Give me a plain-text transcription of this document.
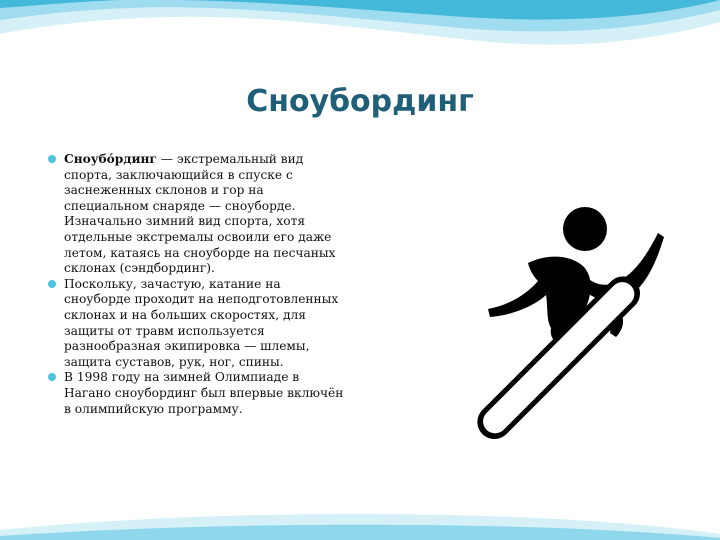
Сноубординг
Сноубо́рдинг — экстремальный вид спорта, заключающийся в спуске с заснеженных склонов и гор на специальном снаряде — сноуборде. Изначально зимний вид спорта, хотя отдельные экстремалы освоили его даже летом, катаясь на сноуборде на песчаных склонах (сэндбординг).
Поскольку, зачастую, катание на сноуборде проходит на неподготовленных склонах и на больших скоростях, для защиты от травм используется разнообразная экипировка — шлемы, защита суставов, рук, ног, спины.
В 1998 году на зимней Олимпиаде в Нагано сноубординг был впервые включён в олимпийскую программу.
